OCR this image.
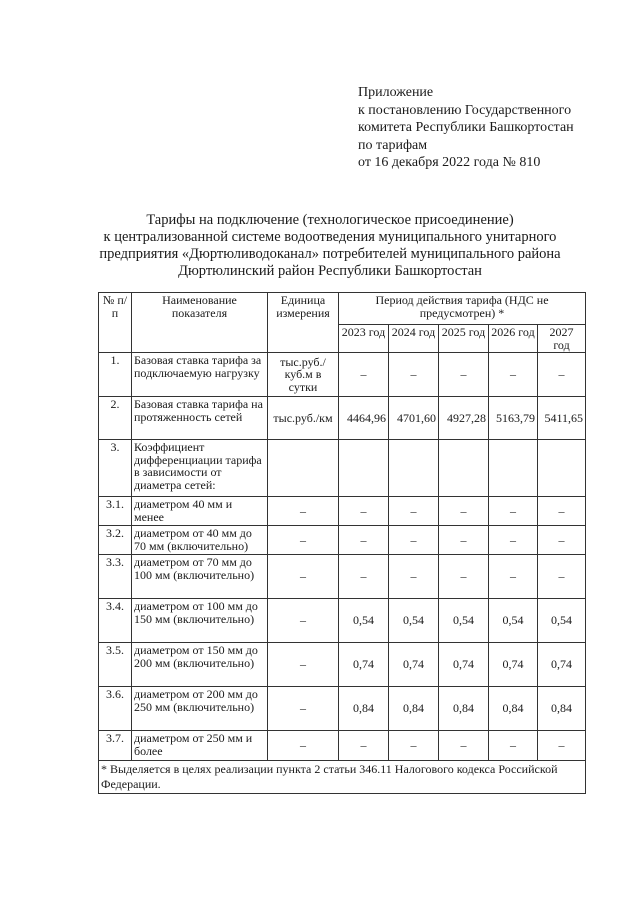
Приложение
к постановлению Государственного
комитета Республики Башкортостан
по тарифам
от 16 декабря 2022 года № 810
Тарифы на подключение (технологическое присоединение)
к централизованной системе водоотведения муниципального унитарного
предприятия «Дюртюливодоканал» потребителей муниципального района
Дюртюлинский район Республики Башкортостан
№ п/п	Наименование показателя	Единица измерения	Период действия тарифа (НДС не предусмотрен) *				
			2023 год	2024 год	2025 год	2026 год	2027 год
1.	Базовая ставка тарифа за подключаемую нагрузку	тыс.руб./ куб.м в сутки	–	–	–	–	–
2.	Базовая ставка тарифа на протяженность сетей	тыс.руб./км	4464,96	4701,60	4927,28	5163,79	5411,65
3.	Коэффициент дифференциации тарифа в зависимости от диаметра сетей:						
3.1.	диаметром 40 мм и менее	–	–	–	–	–	–
3.2.	диаметром от 40 мм до 70 мм (включительно)	–	–	–	–	–	–
3.3.	диаметром от 70 мм до 100 мм (включительно)	–	–	–	–	–	–
3.4.	диаметром от 100 мм до 150 мм (включительно)	–	0,54	0,54	0,54	0,54	0,54
3.5.	диаметром от 150 мм до 200 мм (включительно)	–	0,74	0,74	0,74	0,74	0,74
3.6.	диаметром от 200 мм до 250 мм (включительно)	–	0,84	0,84	0,84	0,84	0,84
3.7.	диаметром от 250 мм и более	–	–	–	–	–	–
* Выделяется в целях реализации пункта 2 статьи 346.11 Налогового кодекса Российской Федерации.							
